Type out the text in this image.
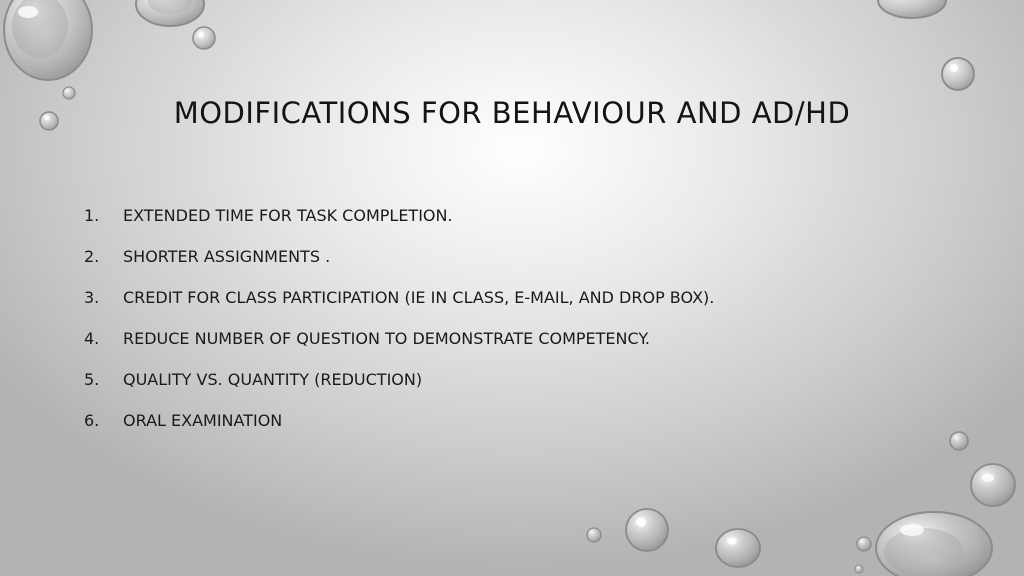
MODIFICATIONS FOR BEHAVIOUR AND AD/HD
1.	EXTENDED TIME FOR TASK COMPLETION.
2.	SHORTER ASSIGNMENTS .
3.	CREDIT FOR CLASS PARTICIPATION (IE IN CLASS, E-MAIL, AND DROP BOX).
4.	REDUCE NUMBER OF QUESTION TO DEMONSTRATE COMPETENCY.
5.	QUALITY VS. QUANTITY (REDUCTION)
6.	ORAL EXAMINATION
